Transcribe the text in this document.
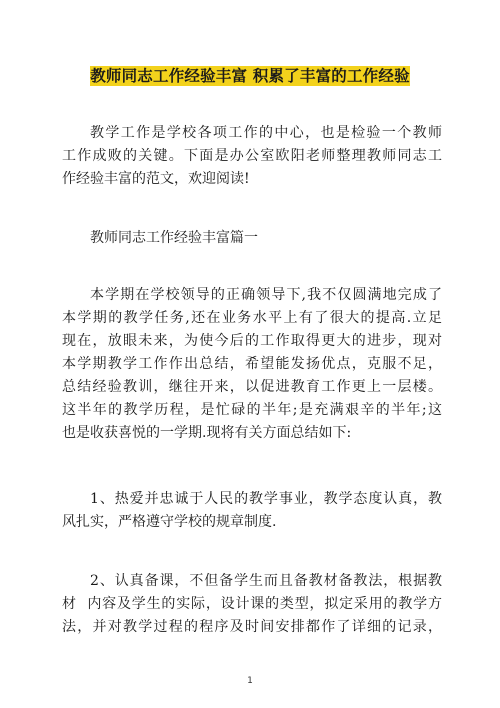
教师同志工作经验丰富 积累了丰富的工作经验

教学工作是学校各项工作的中心，也是检验一个教师
工作成败的关键。下面是办公室欧阳老师整理教师同志工
作经验丰富的范文，欢迎阅读!

教师同志工作经验丰富篇一

本学期在学校领导的正确领导下,我不仅圆满地完成了
本学期的教学任务,还在业务水平上有了很大的提高.立足
现在，放眼未来，为使今后的工作取得更大的进步，现对
本学期教学工作作出总结，希望能发扬优点，克服不足，
总结经验教训，继往开来，以促进教育工作更上一层楼。
这半年的教学历程，是忙碌的半年;是充满艰辛的半年;这
也是收获喜悦的一学期.现将有关方面总结如下:

1、热爱并忠诚于人民的教学事业，教学态度认真，教
风扎实，严格遵守学校的规章制度.

2、认真备课，不但备学生而且备教材备教法，根据教
材  内容及学生的实际，设计课的类型，拟定采用的教学方
法，并对教学过程的程序及时间安排都作了详细的记录，

1
